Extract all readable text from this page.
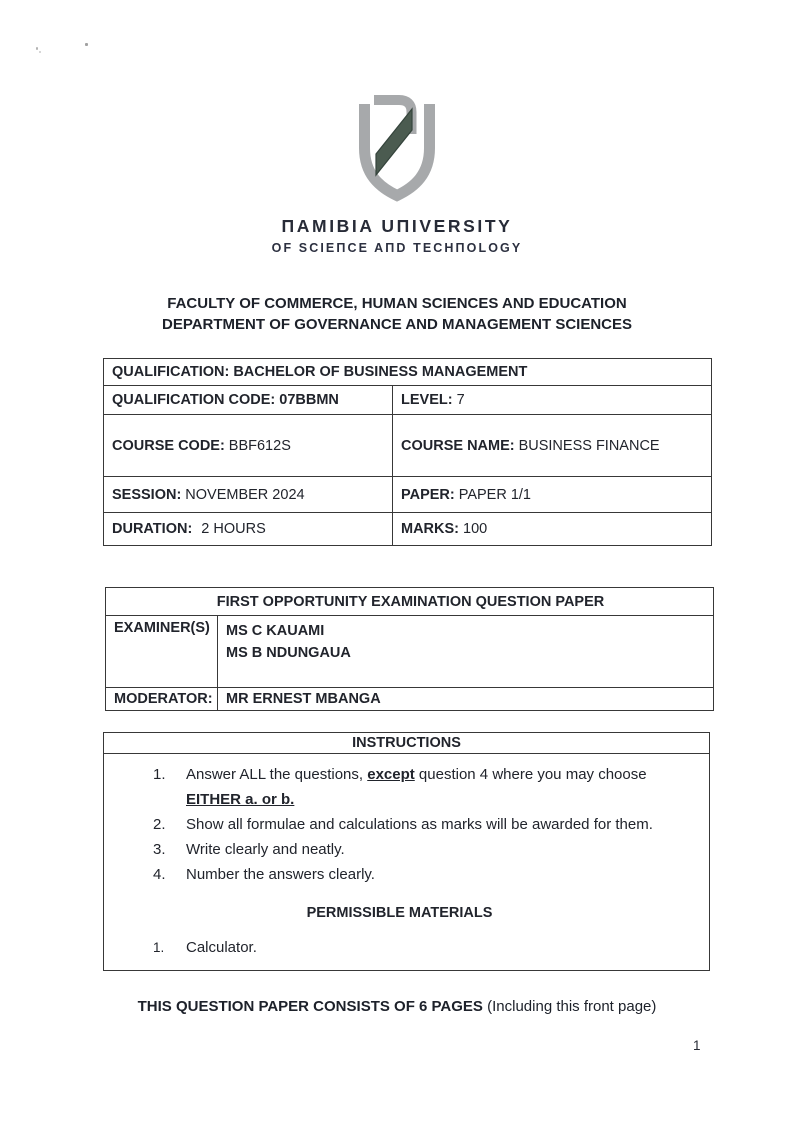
ΠAMIBIA UΠIVERSITY
OF SCIEΠCE AΠD TECHΠOLOGY
FACULTY OF COMMERCE, HUMAN SCIENCES AND EDUCATION
DEPARTMENT OF GOVERNANCE AND MANAGEMENT SCIENCES
QUALIFICATION: BACHELOR OF BUSINESS MANAGEMENT	
QUALIFICATION CODE: 07BBMN	LEVEL: 7
COURSE CODE: BBF612S	COURSE NAME: BUSINESS FINANCE
SESSION: NOVEMBER 2024	PAPER: PAPER 1/1
DURATION: 2 HOURS	MARKS: 100
FIRST OPPORTUNITY EXAMINATION QUESTION PAPER	
EXAMINER(S)	MS C KAUAMI
MS B NDUNGAUA

MODERATOR:	MR ERNEST MBANGA
INSTRUCTIONS
1.	Answer ALL the questions, except question 4 where you may choose
EITHER a. or b.
2.	Show all formulae and calculations as marks will be awarded for them.
3.	Write clearly and neatly.
4.	Number the answers clearly.
PERMISSIBLE MATERIALS
1.	Calculator.
THIS QUESTION PAPER CONSISTS OF 6 PAGES (Including this front page)
1
